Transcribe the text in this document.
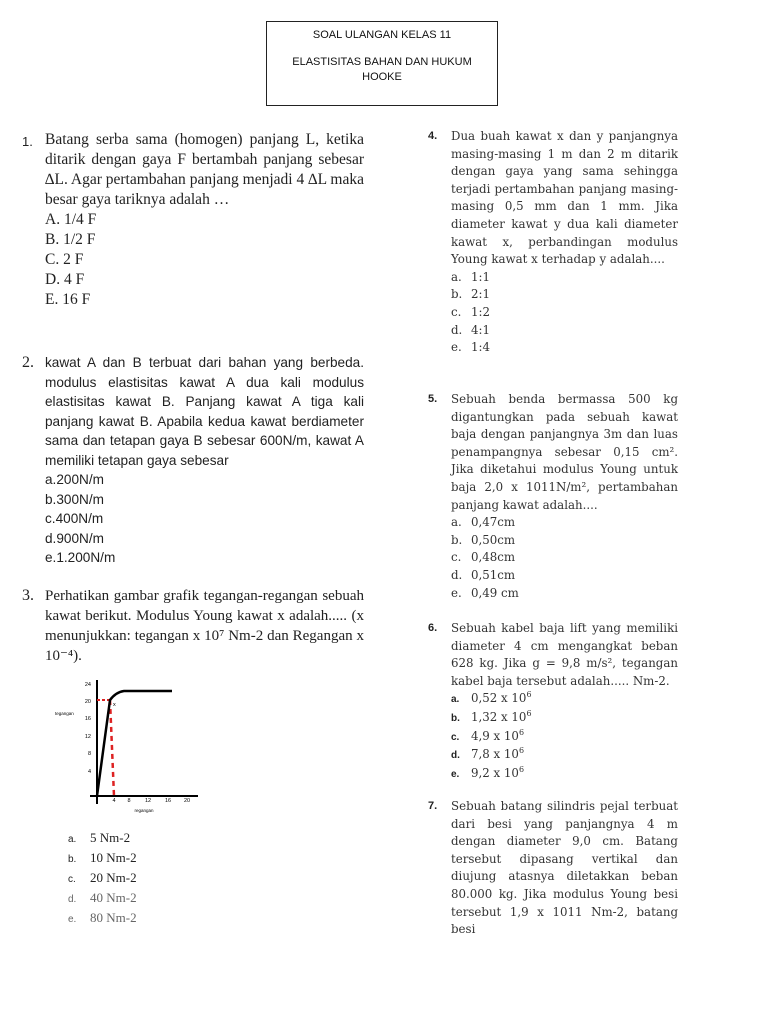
SOAL ULANGAN KELAS 11
ELASTISITAS BAHAN DAN HUKUM
HOOKE
1. Batang serba sama (homogen) panjang L, ketika ditarik dengan gaya F bertambah panjang sebesar ∆L. Agar pertambahan panjang menjadi 4 ∆L maka besar gaya tariknya adalah …
A. 1/4 F
B. 1/2 F
C. 2 F
D. 4 F
E. 16 F
2. kawat A dan B terbuat dari bahan yang berbeda. modulus elastisitas kawat A dua kali modulus elastisitas kawat B. Panjang kawat A tiga kali panjang kawat B. Apabila kedua kawat berdiameter sama dan tetapan gaya B sebesar 600N/m, kawat A memiliki tetapan gaya sebesar
a.200N/m
b.300N/m
c.400N/m
d.900N/m
e.1.200N/m
3. Perhatikan gambar grafik tegangan-regangan sebuah kawat berikut. Modulus Young kawat x adalah..... (x menunjukkan: tegangan x 10⁷ Nm-2 dan Regangan x 10⁻⁴).
24
20
16
12
8
4
tegangan
4 8	12	16 20
regangan
x
a. 5 Nm-2
b. 10 Nm-2
c. 20 Nm-2
d. 40 Nm-2
e. 80 Nm-2
4. Dua buah kawat x dan y panjangnya masing-masing 1 m dan 2 m ditarik dengan gaya yang sama sehingga terjadi pertambahan panjang masing-masing 0,5 mm dan 1 mm. Jika diameter kawat y dua kali diameter kawat x, perbandingan modulus Young kawat x terhadap y adalah....
a. 1:1
b. 2:1
c. 1:2
d. 4:1
e. 1:4
5. Sebuah benda bermassa 500 kg digantungkan pada sebuah kawat baja dengan panjangnya 3m dan luas penampangnya sebesar 0,15 cm². Jika diketahui modulus Young untuk baja 2,0 x 1011N/m², pertambahan panjang kawat adalah....
a. 0,47cm
b. 0,50cm
c. 0,48cm
d. 0,51cm
e. 0,49 cm
6. Sebuah kabel baja lift yang memiliki diameter 4 cm mengangkat beban 628 kg. Jika g = 9,8 m/s², tegangan kabel baja tersebut adalah..... Nm-2.
a. 0,52 x $10^6$
b. 1,32 x $10^6$
c. 4,9 x $10^6$
d. 7,8 x $10^6$
e. 9,2 x $10^6$
7. Sebuah batang silindris pejal terbuat dari besi yang panjangnya 4 m dengan diameter 9,0 cm. Batang tersebut dipasang vertikal dan diujung atasnya diletakkan beban 80.000 kg. Jika modulus Young besi tersebut 1,9 x 1011 Nm-2, batang besi
